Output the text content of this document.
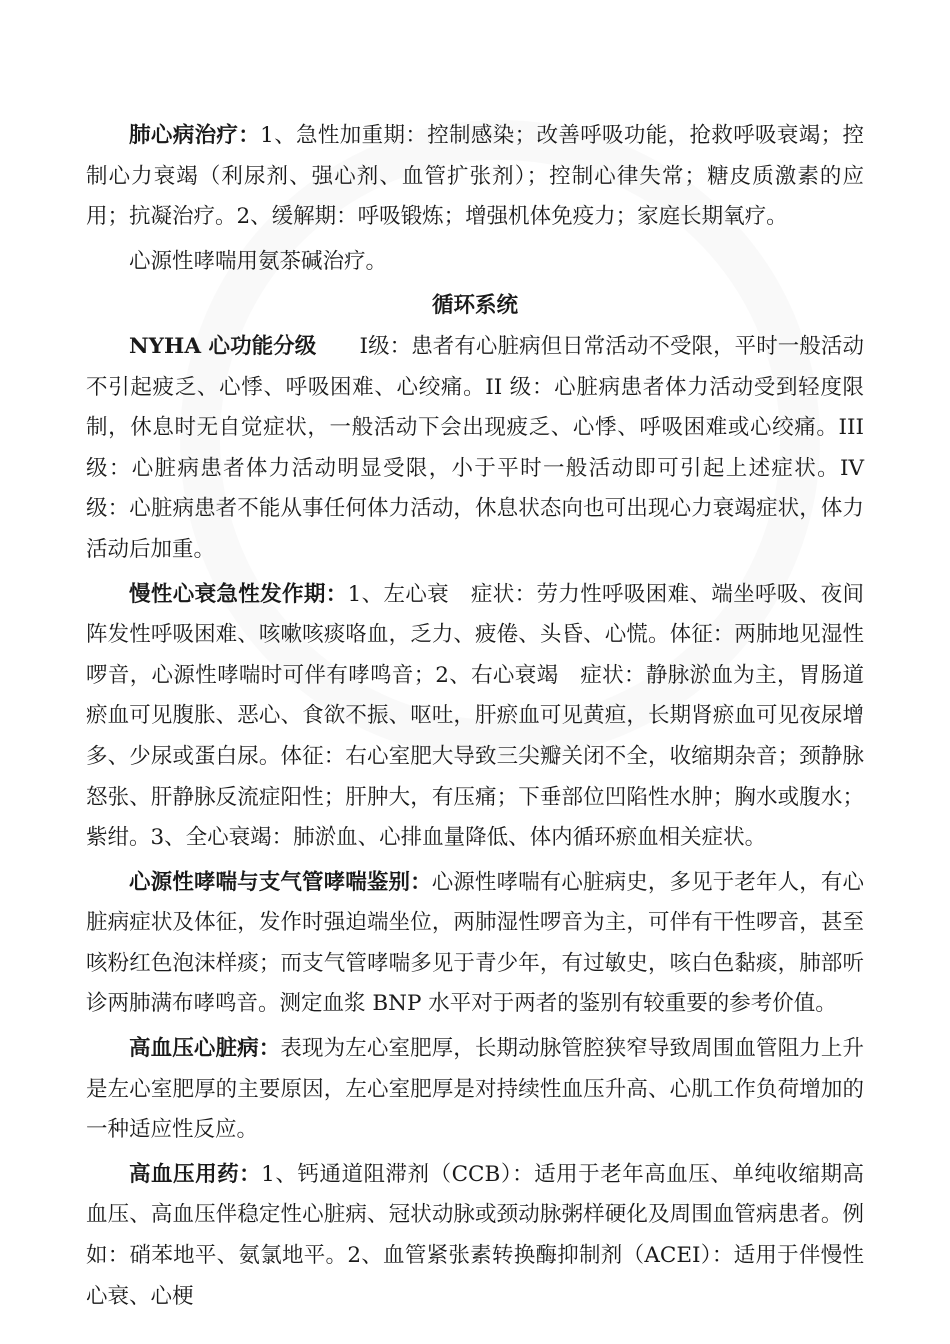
肺心病治疗：1、急性加重期：控制感染；改善呼吸功能，抢救呼吸衰竭；控制心力衰竭（利尿剂、强心剂、血管扩张剂）；控制心律失常；糖皮质激素的应用；抗凝治疗。2、缓解期：呼吸锻炼；增强机体免疫力；家庭长期氧疗。

心源性哮喘用氨茶碱治疗。

循环系统

NYHA 心功能分级　　Ⅰ级：患者有心脏病但日常活动不受限，平时一般活动不引起疲乏、心悸、呼吸困难、心绞痛。II 级：心脏病患者体力活动受到轻度限制，休息时无自觉症状，一般活动下会出现疲乏、心悸、呼吸困难或心绞痛。III 级：心脏病患者体力活动明显受限，小于平时一般活动即可引起上述症状。IV 级：心脏病患者不能从事任何体力活动，休息状态向也可出现心力衰竭症状，体力活动后加重。

慢性心衰急性发作期：1、左心衰　症状：劳力性呼吸困难、端坐呼吸、夜间阵发性呼吸困难、咳嗽咳痰咯血，乏力、疲倦、头昏、心慌。体征：两肺地见湿性啰音，心源性哮喘时可伴有哮鸣音；2、右心衰竭　症状：静脉淤血为主，胃肠道瘀血可见腹胀、恶心、食欲不振、呕吐，肝瘀血可见黄疸，长期肾瘀血可见夜尿增多、少尿或蛋白尿。体征：右心室肥大导致三尖瓣关闭不全，收缩期杂音；颈静脉怒张、肝静脉反流症阳性；肝肿大，有压痛；下垂部位凹陷性水肿；胸水或腹水；紫绀。3、全心衰竭：肺淤血、心排血量降低、体内循环瘀血相关症状。

心源性哮喘与支气管哮喘鉴别：心源性哮喘有心脏病史，多见于老年人，有心脏病症状及体征，发作时强迫端坐位，两肺湿性啰音为主，可伴有干性啰音，甚至咳粉红色泡沫样痰；而支气管哮喘多见于青少年，有过敏史，咳白色黏痰，肺部听诊两肺满布哮鸣音。测定血浆 BNP 水平对于两者的鉴别有较重要的参考价值。

高血压心脏病：表现为左心室肥厚，长期动脉管腔狭窄导致周围血管阻力上升是左心室肥厚的主要原因，左心室肥厚是对持续性血压升高、心肌工作负荷增加的一种适应性反应。

高血压用药：1、钙通道阻滞剂（CCB）：适用于老年高血压、单纯收缩期高血压、高血压伴稳定性心脏病、冠状动脉或颈动脉粥样硬化及周围血管病患者。例如：硝苯地平、氨氯地平。2、血管紧张素转换酶抑制剂（ACEI）：适用于伴慢性心衰、心梗
